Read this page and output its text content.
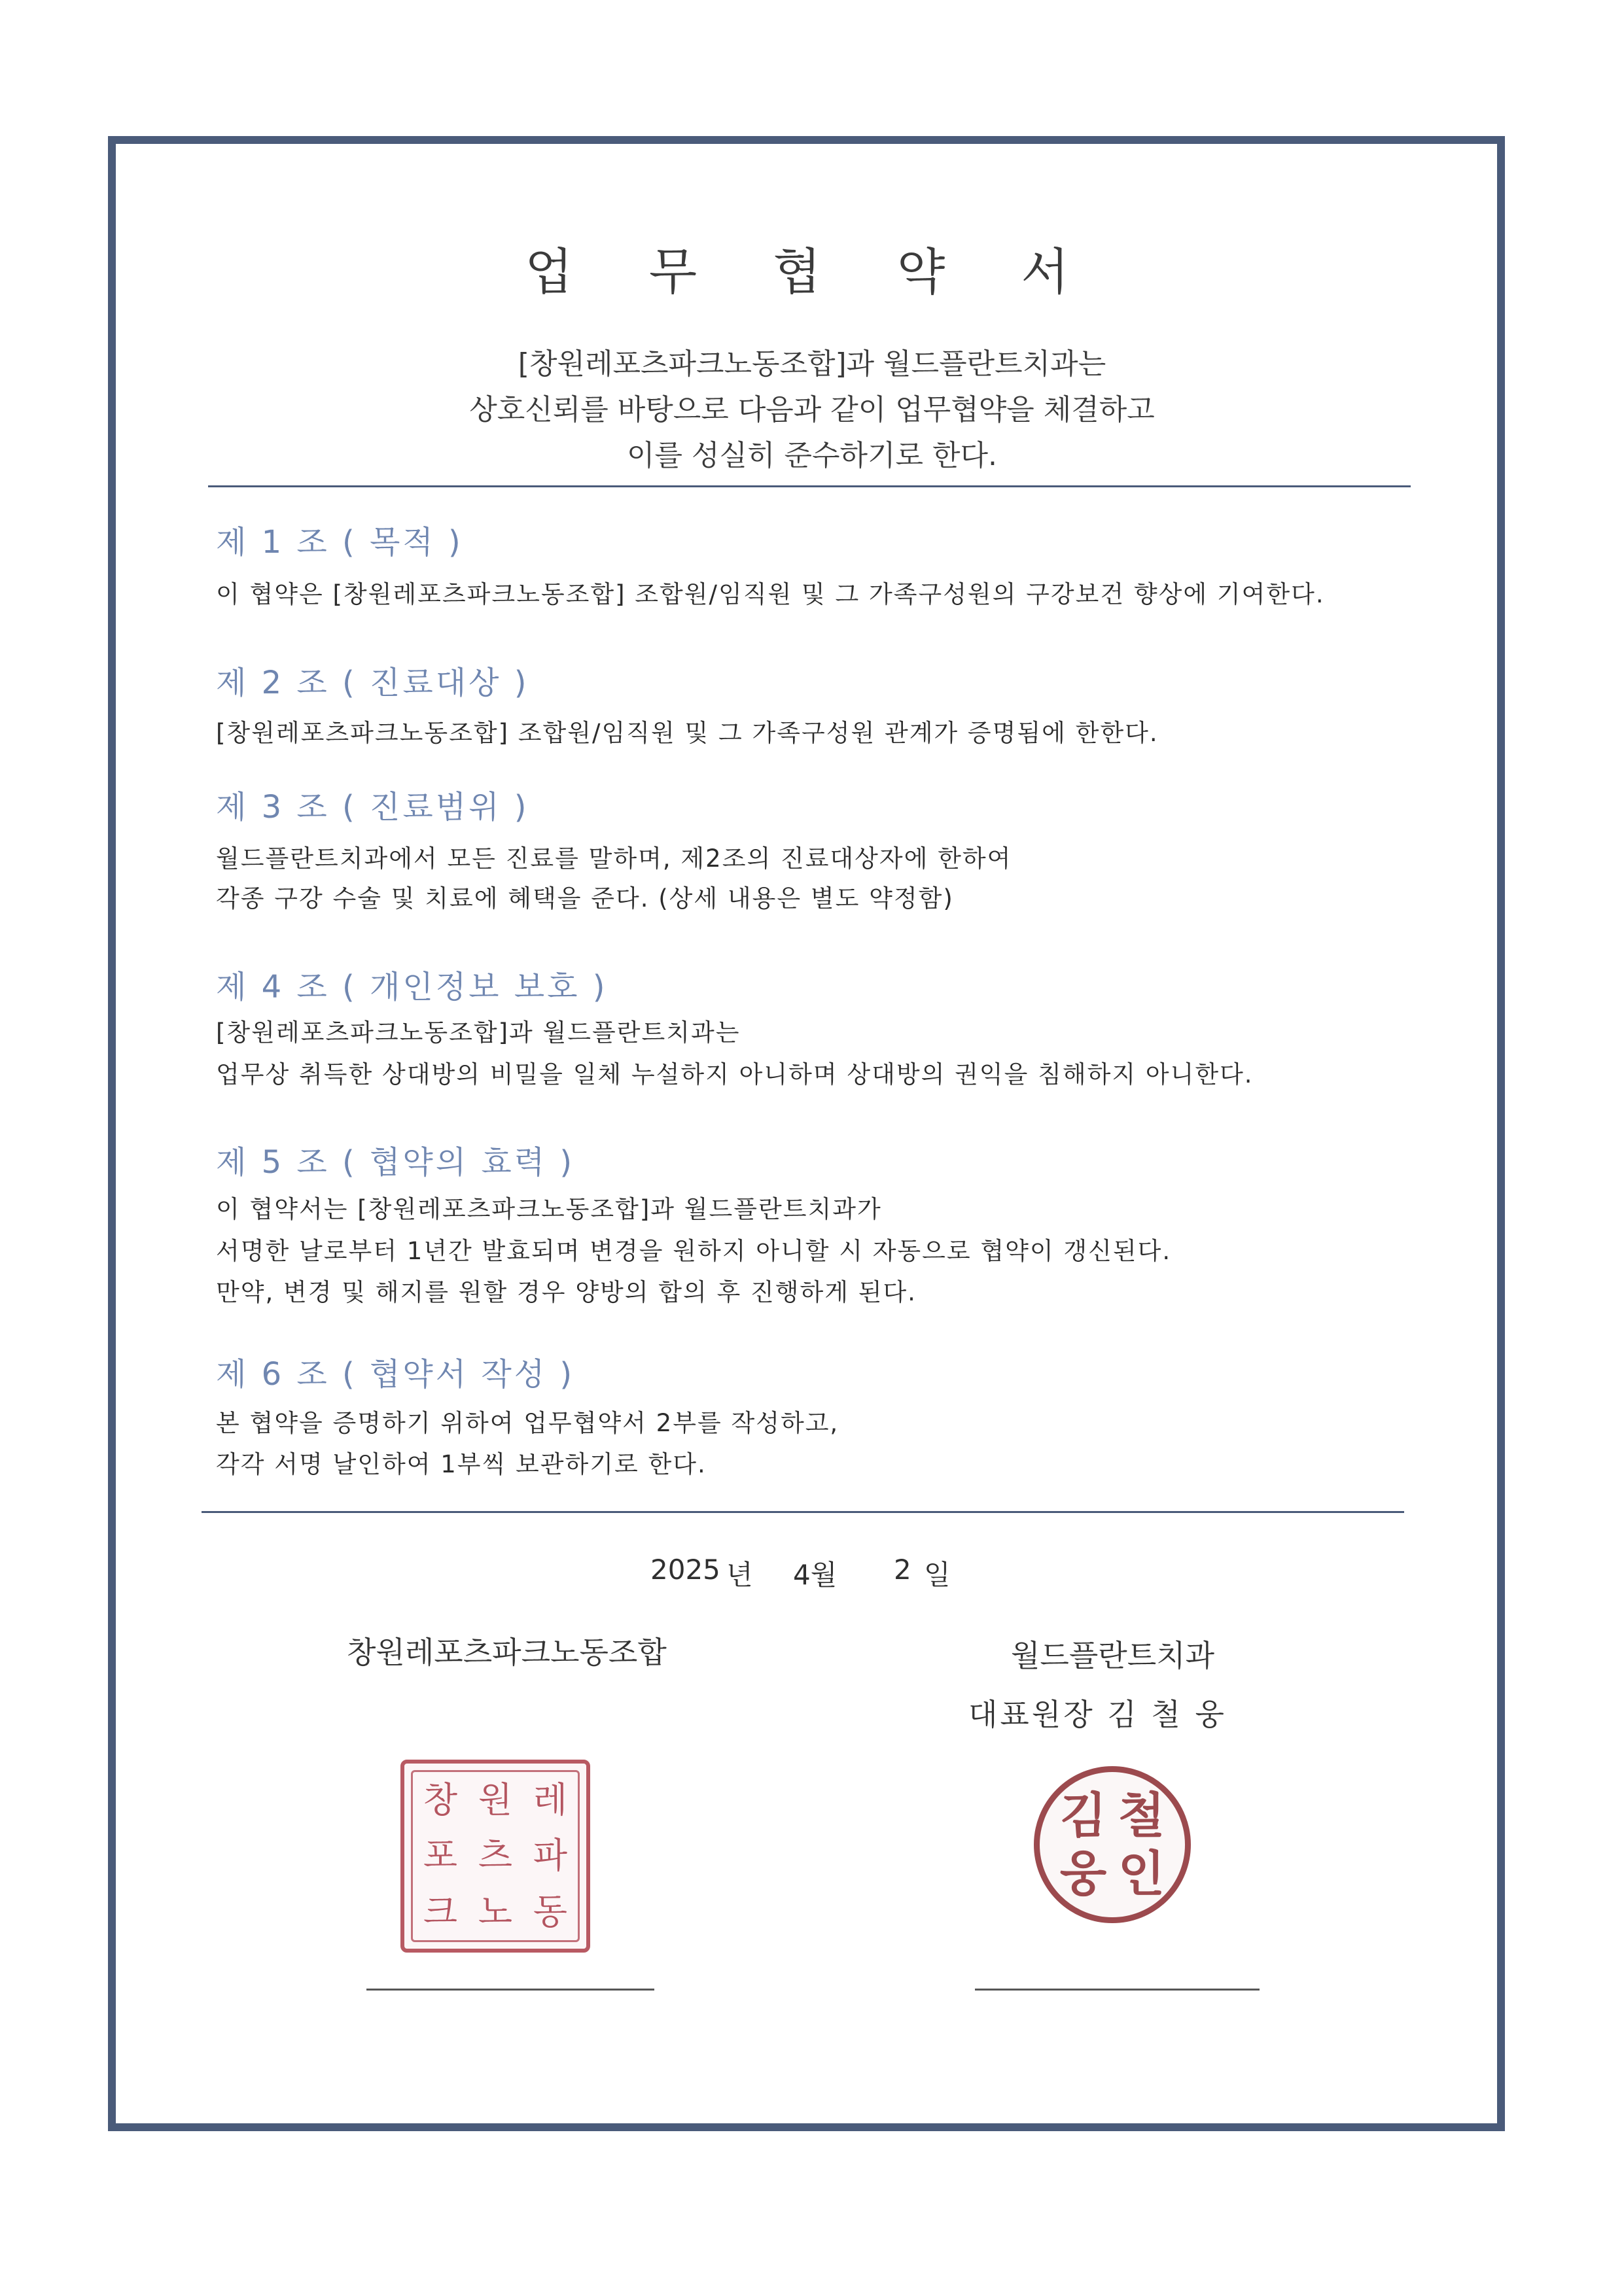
업 무 협 약 서
[창원레포츠파크노동조합]과 월드플란트치과는
상호신뢰를 바탕으로 다음과 같이 업무협약을 체결하고
이를 성실히 준수하기로 한다.
제 1 조 ( 목적 )
이 협약은 [창원레포츠파크노동조합] 조합원/임직원 및 그 가족구성원의 구강보건 향상에 기여한다.
제 2 조 ( 진료대상 )
[창원레포츠파크노동조합] 조합원/임직원 및 그 가족구성원 관계가 증명됨에 한한다.
제 3 조 ( 진료범위 )
월드플란트치과에서 모든 진료를 말하며, 제2조의 진료대상자에 한하여
각종 구강 수술 및 치료에 혜택을 준다. (상세 내용은 별도 약정함)
제 4 조 ( 개인정보 보호 )
[창원레포츠파크노동조합]과 월드플란트치과는
업무상 취득한 상대방의 비밀을 일체 누설하지 아니하며 상대방의 권익을 침해하지 아니한다.
제 5 조 ( 협약의 효력 )
이 협약서는 [창원레포츠파크노동조합]과 월드플란트치과가
서명한 날로부터 1년간 발효되며 변경을 원하지 아니할 시 자동으로 협약이 갱신된다.
만약, 변경 및 해지를 원할 경우 양방의 합의 후 진행하게 된다.
제 6 조 ( 협약서 작성 )
본 협약을 증명하기 위하여 업무협약서 2부를 작성하고,
각각 서명 날인하여 1부씩 보관하기로 한다.
2025 년 4월 2 일
창원레포츠파크노동조합	월드플란트치과
대표원장 김 철 웅
창 원 레
포 츠 파
크 노 동
김 철
웅 인
